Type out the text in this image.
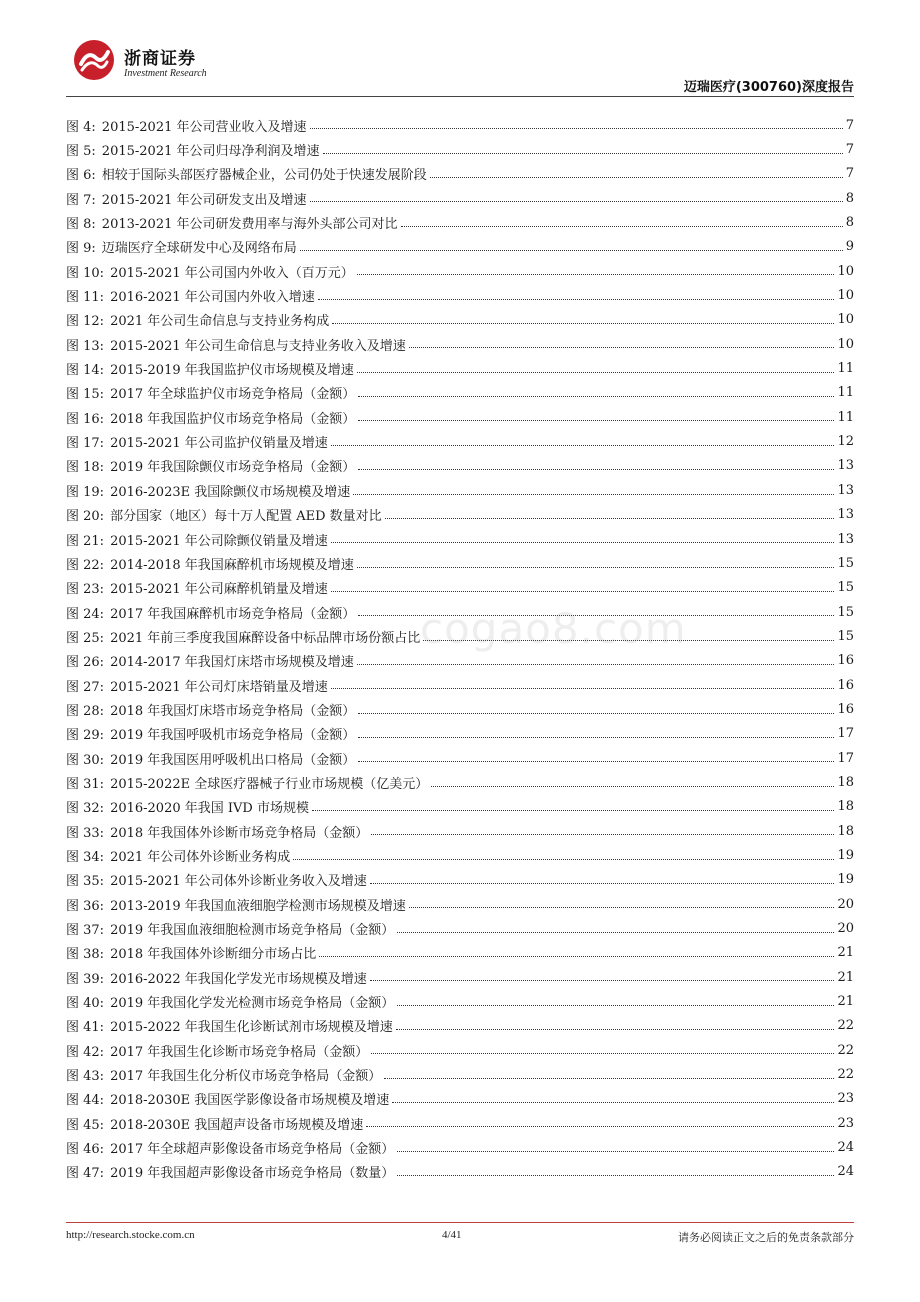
浙商证券
Investment Research
迈瑞医疗(300760)深度报告
图 4: 2015-2021 年公司营业收入及增速	7
图 5: 2015-2021 年公司归母净利润及增速	7
图 6: 相较于国际头部医疗器械企业，公司仍处于快速发展阶段	7
图 7: 2015-2021 年公司研发支出及增速	8
图 8: 2013-2021 年公司研发费用率与海外头部公司对比	8
图 9: 迈瑞医疗全球研发中心及网络布局	9
图 10: 2015-2021 年公司国内外收入（百万元）	10
图 11: 2016-2021 年公司国内外收入增速	10
图 12: 2021 年公司生命信息与支持业务构成	10
图 13: 2015-2021 年公司生命信息与支持业务收入及增速	10
图 14: 2015-2019 年我国监护仪市场规模及增速	11
图 15: 2017 年全球监护仪市场竞争格局（金额）	11
图 16: 2018 年我国监护仪市场竞争格局（金额）	11
图 17: 2015-2021 年公司监护仪销量及增速	12
图 18: 2019 年我国除颤仪市场竞争格局（金额）	13
图 19: 2016-2023E 我国除颤仪市场规模及增速	13
图 20: 部分国家（地区）每十万人配置 AED 数量对比	13
图 21: 2015-2021 年公司除颤仪销量及增速	13
图 22: 2014-2018 年我国麻醉机市场规模及增速	15
图 23: 2015-2021 年公司麻醉机销量及增速	15
图 24: 2017 年我国麻醉机市场竞争格局（金额）	15
图 25: 2021 年前三季度我国麻醉设备中标品牌市场份额占比	15
图 26: 2014-2017 年我国灯床塔市场规模及增速	16
图 27: 2015-2021 年公司灯床塔销量及增速	16
图 28: 2018 年我国灯床塔市场竞争格局（金额）	16
图 29: 2019 年我国呼吸机市场竞争格局（金额）	17
图 30: 2019 年我国医用呼吸机出口格局（金额）	17
图 31: 2015-2022E 全球医疗器械子行业市场规模（亿美元）	18
图 32: 2016-2020 年我国 IVD 市场规模	18
图 33: 2018 年我国体外诊断市场竞争格局（金额）	18
图 34: 2021 年公司体外诊断业务构成	19
图 35: 2015-2021 年公司体外诊断业务收入及增速	19
图 36: 2013-2019 年我国血液细胞学检测市场规模及增速	20
图 37: 2019 年我国血液细胞检测市场竞争格局（金额）	20
图 38: 2018 年我国体外诊断细分市场占比	21
图 39: 2016-2022 年我国化学发光市场规模及增速	21
图 40: 2019 年我国化学发光检测市场竞争格局（金额）	21
图 41: 2015-2022 年我国生化诊断试剂市场规模及增速	22
图 42: 2017 年我国生化诊断市场竞争格局（金额）	22
图 43: 2017 年我国生化分析仪市场竞争格局（金额）	22
图 44: 2018-2030E 我国医学影像设备市场规模及增速	23
图 45: 2018-2030E 我国超声设备市场规模及增速	23
图 46: 2017 年全球超声影像设备市场竞争格局（金额）	24
图 47: 2019 年我国超声影像设备市场竞争格局（数量）	24
cogao8.com
http://research.stocke.com.cn	4/41	请务必阅读正文之后的免责条款部分
